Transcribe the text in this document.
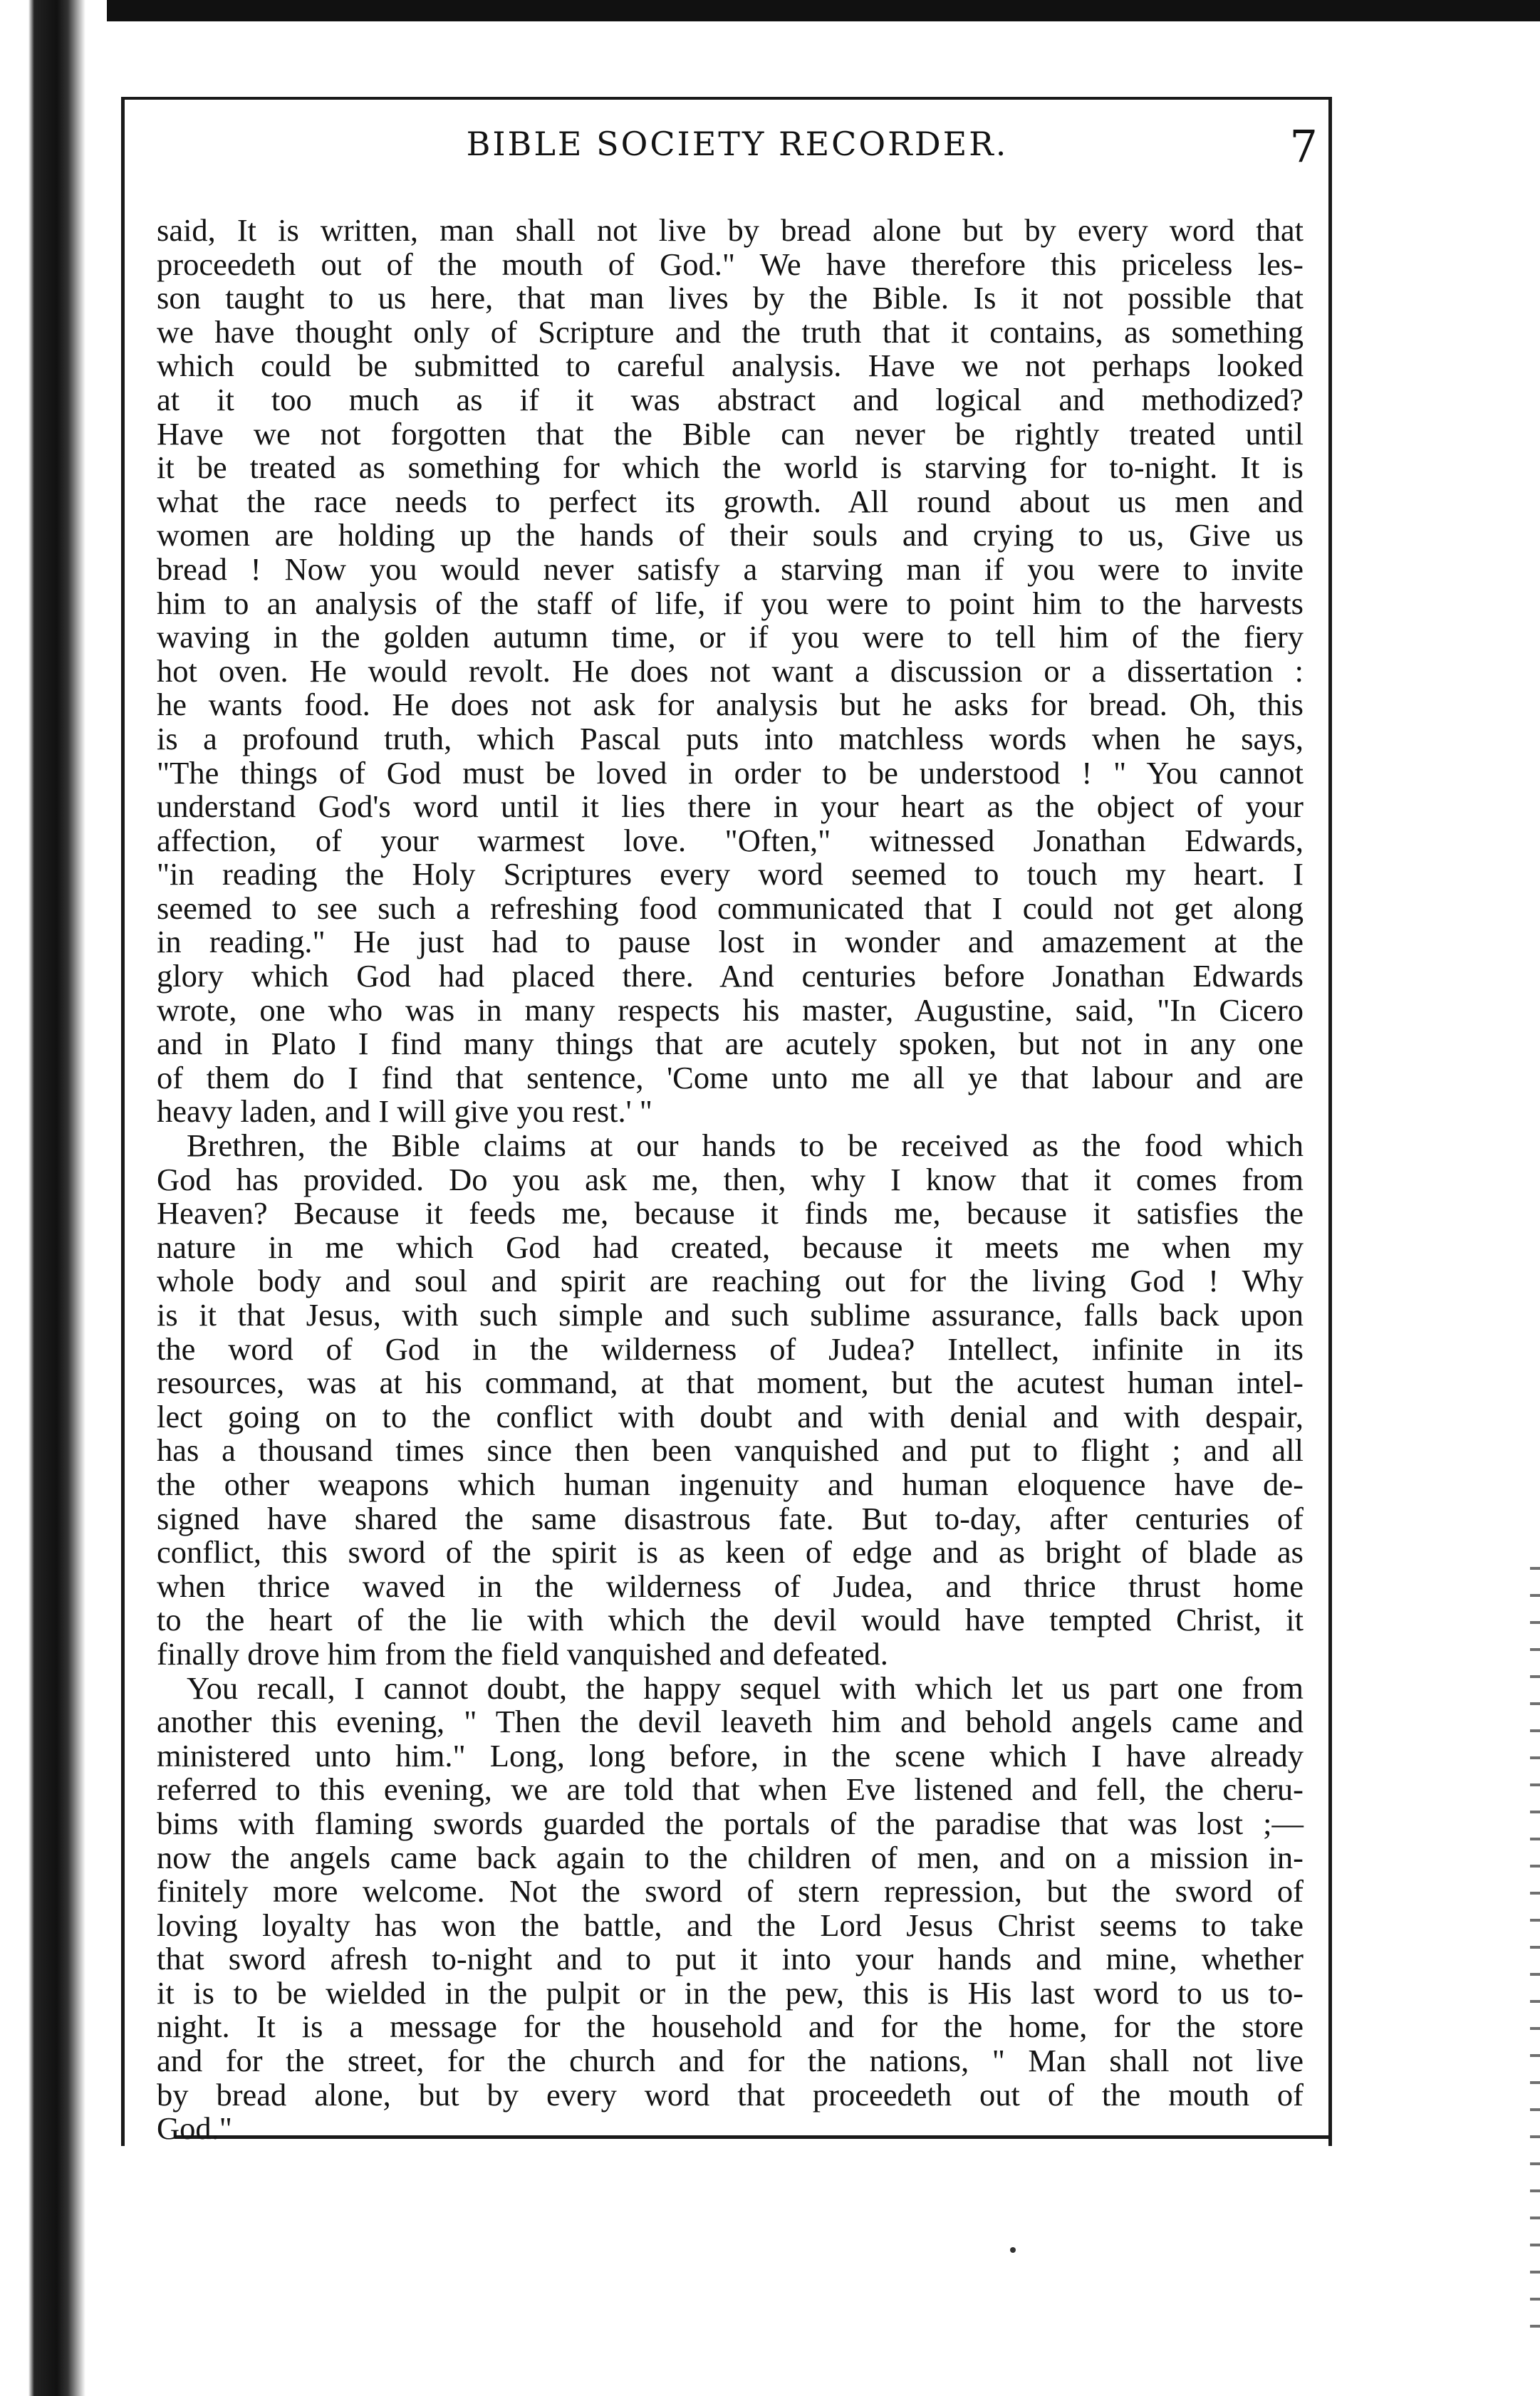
BIBLE SOCIETY RECORDER.	7
said, It is written, man shall not live by bread alone but by every word that
proceedeth out of the mouth of God." We have therefore this priceless les-
son taught to us here, that man lives by the Bible. Is it not possible that
we have thought only of Scripture and the truth that it contains, as something
which could be submitted to careful analysis. Have we not perhaps looked
at it too much as if it was abstract and logical and methodized?
Have we not forgotten that the Bible can never be rightly treated until
it be treated as something for which the world is starving for to-night. It is
what the race needs to perfect its growth. All round about us men and
women are holding up the hands of their souls and crying to us, Give us
bread ! Now you would never satisfy a starving man if you were to invite
him to an analysis of the staff of life, if you were to point him to the harvests
waving in the golden autumn time, or if you were to tell him of the fiery
hot oven. He would revolt. He does not want a discussion or a dissertation :
he wants food. He does not ask for analysis but he asks for bread. Oh, this
is a profound truth, which Pascal puts into matchless words when he says,
"The things of God must be loved in order to be understood ! " You cannot
understand God's word until it lies there in your heart as the object of your
affection, of your warmest love. "Often," witnessed Jonathan Edwards,
"in reading the Holy Scriptures every word seemed to touch my heart. I
seemed to see such a refreshing food communicated that I could not get along
in reading." He just had to pause lost in wonder and amazement at the
glory which God had placed there. And centuries before Jonathan Edwards
wrote, one who was in many respects his master, Augustine, said, "In Cicero
and in Plato I find many things that are acutely spoken, but not in any one
of them do I find that sentence, 'Come unto me all ye that labour and are
heavy laden, and I will give you rest.' "
Brethren, the Bible claims at our hands to be received as the food which
God has provided. Do you ask me, then, why I know that it comes from
Heaven? Because it feeds me, because it finds me, because it satisfies the
nature in me which God had created, because it meets me when my
whole body and soul and spirit are reaching out for the living God ! Why
is it that Jesus, with such simple and such sublime assurance, falls back upon
the word of God in the wilderness of Judea? Intellect, infinite in its
resources, was at his command, at that moment, but the acutest human intel-
lect going on to the conflict with doubt and with denial and with despair,
has a thousand times since then been vanquished and put to flight ; and all
the other weapons which human ingenuity and human eloquence have de-
signed have shared the same disastrous fate. But to-day, after centuries of
conflict, this sword of the spirit is as keen of edge and as bright of blade as
when thrice waved in the wilderness of Judea, and thrice thrust home
to the heart of the lie with which the devil would have tempted Christ, it
finally drove him from the field vanquished and defeated.
You recall, I cannot doubt, the happy sequel with which let us part one from
another this evening, " Then the devil leaveth him and behold angels came and
ministered unto him." Long, long before, in the scene which I have already
referred to this evening, we are told that when Eve listened and fell, the cheru-
bims with flaming swords guarded the portals of the paradise that was lost ;—
now the angels came back again to the children of men, and on a mission in-
finitely more welcome. Not the sword of stern repression, but the sword of
loving loyalty has won the battle, and the Lord Jesus Christ seems to take
that sword afresh to-night and to put it into your hands and mine, whether
it is to be wielded in the pulpit or in the pew, this is His last word to us to-
night. It is a message for the household and for the home, for the store
and for the street, for the church and for the nations, " Man shall not live
by bread alone, but by every word that proceedeth out of the mouth of
God."
